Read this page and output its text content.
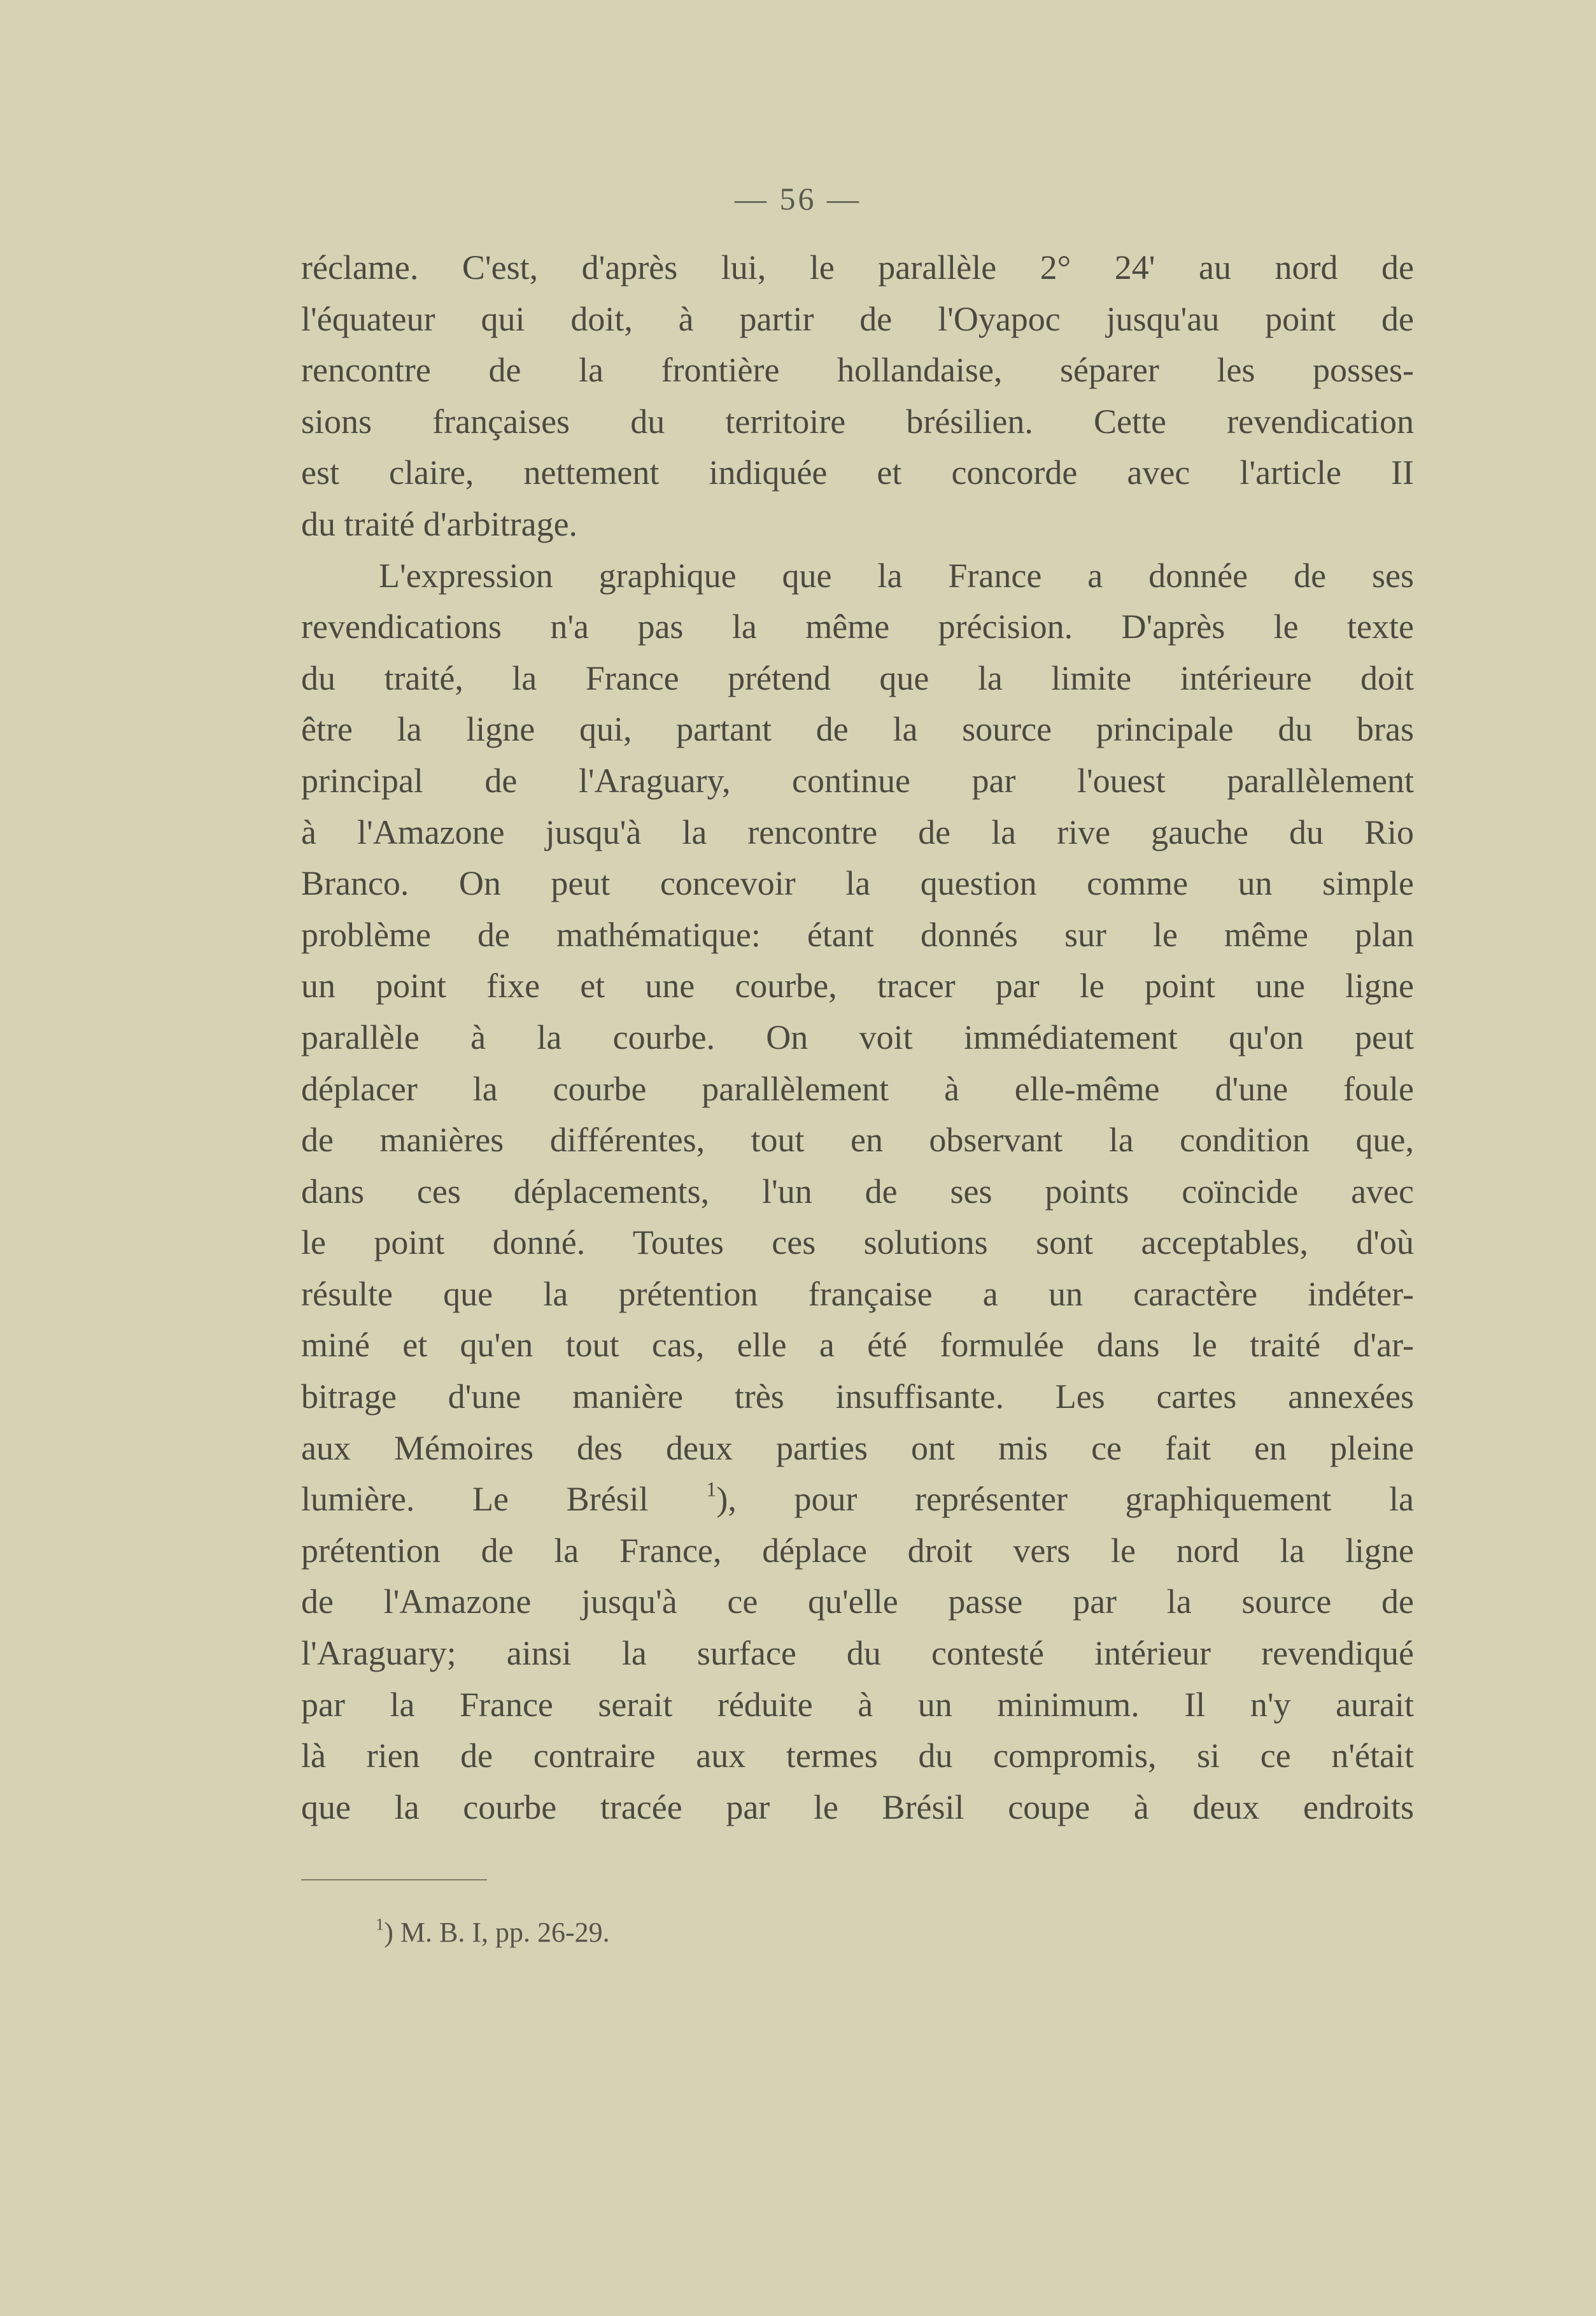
— 56 —
réclame. C'est, d'après lui, le parallèle 2° 24' au nord de
l'équateur qui doit, à partir de l'Oyapoc jusqu'au point de
rencontre de la frontière hollandaise, séparer les posses-
sions françaises du territoire brésilien. Cette revendication
est claire, nettement indiquée et concorde avec l'article II
du traité d'arbitrage.
L'expression graphique que la France a donnée de ses
revendications n'a pas la même précision. D'après le texte
du traité, la France prétend que la limite intérieure doit
être la ligne qui, partant de la source principale du bras
principal de l'Araguary, continue par l'ouest parallèlement
à l'Amazone jusqu'à la rencontre de la rive gauche du Rio
Branco. On peut concevoir la question comme un simple
problème de mathématique: étant donnés sur le même plan
un point fixe et une courbe, tracer par le point une ligne
parallèle à la courbe. On voit immédiatement qu'on peut
déplacer la courbe parallèlement à elle-même d'une foule
de manières différentes, tout en observant la condition que,
dans ces déplacements, l'un de ses points coïncide avec
le point donné. Toutes ces solutions sont acceptables, d'où
résulte que la prétention française a un caractère indéter-
miné et qu'en tout cas, elle a été formulée dans le traité d'ar-
bitrage d'une manière très insuffisante. Les cartes annexées
aux Mémoires des deux parties ont mis ce fait en pleine
lumière. Le Brésil	$^1$), pour représenter graphiquement la
prétention de la France, déplace droit vers le nord la ligne
de l'Amazone jusqu'à ce qu'elle passe par la source de
l'Araguary; ainsi la surface du contesté intérieur revendiqué
par la France serait réduite à un minimum. Il n'y aurait
là rien de contraire aux termes du compromis, si ce n'était
que la courbe tracée par le Brésil coupe à deux endroits
$^1$) M. B. I, pp. 26-29.
